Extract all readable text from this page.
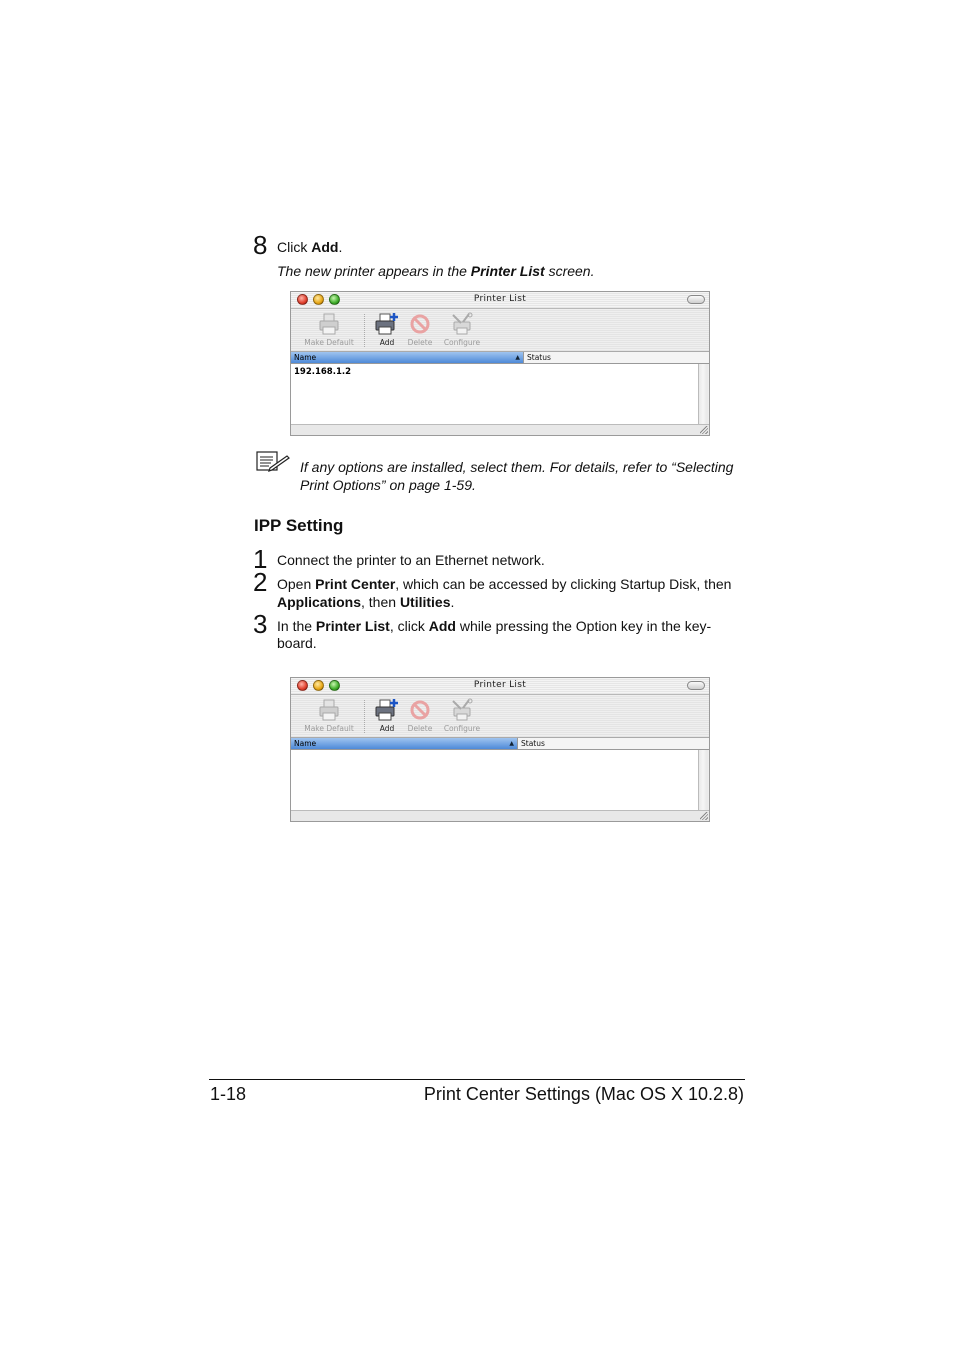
8 Click Add.
The new printer appears in the Printer List screen.
Printer List
Make Default	Add	Delete	Configure
Name	▲ Status
192.168.1.2
If any options are installed, select them. For details, refer to “Selecting
Print Options” on page 1-59.
IPP Setting
1 Connect the printer to an Ethernet network.
2 Open Print Center, which can be accessed by clicking Startup Disk, then
Applications, then Utilities.
3 In the Printer List, click Add while pressing the Option key in the key-
board.
Printer List
Make Default	Add	Delete	Configure
Name	▲ Status
1-18	Print Center Settings (Mac OS X 10.2.8)
